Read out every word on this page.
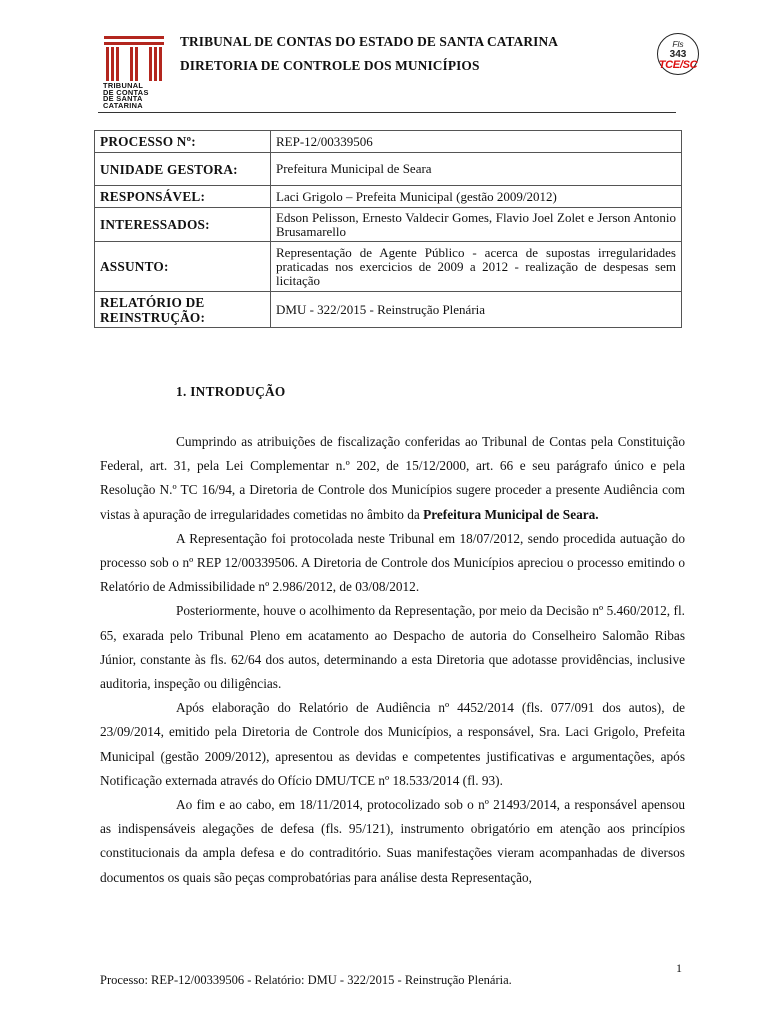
TRIBUNAL
DE CONTAS
DE SANTA
CATARINA
TRIBUNAL DE CONTAS DO ESTADO DE SANTA CATARINA
DIRETORIA DE CONTROLE DOS MUNICÍPIOS
Fls
343
TCE/SC
PROCESSO Nº:	REP-12/00339506
UNIDADE GESTORA:	Prefeitura Municipal de Seara
RESPONSÁVEL:	Laci Grigolo – Prefeita Municipal (gestão 2009/2012)
INTERESSADOS:	Edson Pelisson, Ernesto Valdecir Gomes, Flavio Joel Zolet e Jerson Antonio Brusamarello
ASSUNTO:	Representação de Agente Público - acerca de supostas irregularidades praticadas nos exercicios de 2009 a 2012 - realização de despesas sem licitação
RELATÓRIO DE REINSTRUÇÃO:	DMU - 322/2015 - Reinstrução Plenária
1. INTRODUÇÃO

Cumprindo as atribuições de fiscalização conferidas ao Tribunal de Contas pela Constituição Federal, art. 31, pela Lei Complementar n.º 202, de 15/12/2000, art. 66 e seu parágrafo único e pela Resolução N.º TC 16/94, a Diretoria de Controle dos Municípios sugere proceder a presente Audiência com vistas à apuração de irregularidades cometidas no âmbito da Prefeitura Municipal de Seara.

A Representação foi protocolada neste Tribunal em 18/07/2012, sendo procedida autuação do processo sob o nº REP 12/00339506. A Diretoria de Controle dos Municípios apreciou o processo emitindo o Relatório de Admissibilidade nº 2.986/2012, de 03/08/2012.

Posteriormente, houve o acolhimento da Representação, por meio da Decisão nº 5.460/2012, fl. 65, exarada pelo Tribunal Pleno em acatamento ao Despacho de autoria do Conselheiro Salomão Ribas Júnior, constante às fls. 62/64 dos autos, determinando a esta Diretoria que adotasse providências, inclusive auditoria, inspeção ou diligências.

Após elaboração do Relatório de Audiência nº 4452/2014 (fls. 077/091 dos autos), de 23/09/2014, emitido pela Diretoria de Controle dos Municípios, a responsável, Sra. Laci Grigolo, Prefeita Municipal (gestão 2009/2012), apresentou as devidas e competentes justificativas e argumentações, após Notificação externada através do Ofício DMU/TCE nº 18.533/2014 (fl. 93).

Ao fim e ao cabo, em 18/11/2014, protocolizado sob o nº 21493/2014, a responsável apensou as indispensáveis alegações de defesa (fls. 95/121), instrumento obrigatório em atenção aos princípios constitucionais da ampla defesa e do contraditório. Suas manifestações vieram acompanhadas de diversos documentos os quais são peças comprobatórias para análise desta Representação,

1
Processo: REP-12/00339506 - Relatório: DMU - 322/2015 - Reinstrução Plenária.
